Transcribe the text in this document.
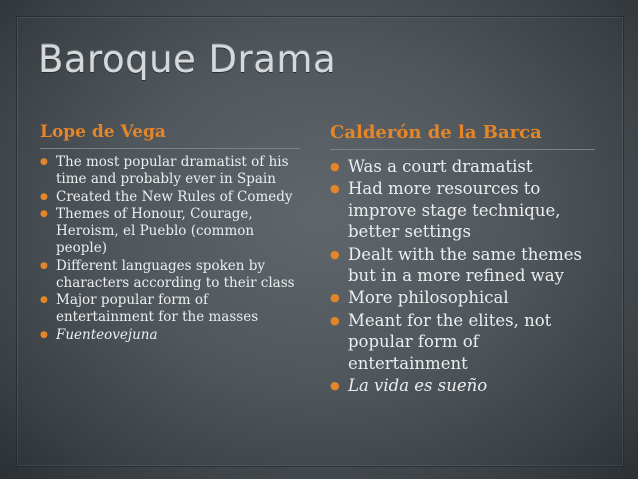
Baroque Drama
Lope de Vega
● The most popular dramatist of his time and probably ever in Spain
● Created the New Rules of Comedy
● Themes of Honour, Courage, Heroism, el Pueblo (common people)
● Different languages spoken by characters according to their class
● Major popular form of entertainment for the masses
● Fuenteovejuna
Calderón de la Barca
● Was a court dramatist
● Had more resources to improve stage technique, better settings
● Dealt with the same themes but in a more refined way
● More philosophical
● Meant for the elites, not popular form of entertainment
● La vida es sueño
